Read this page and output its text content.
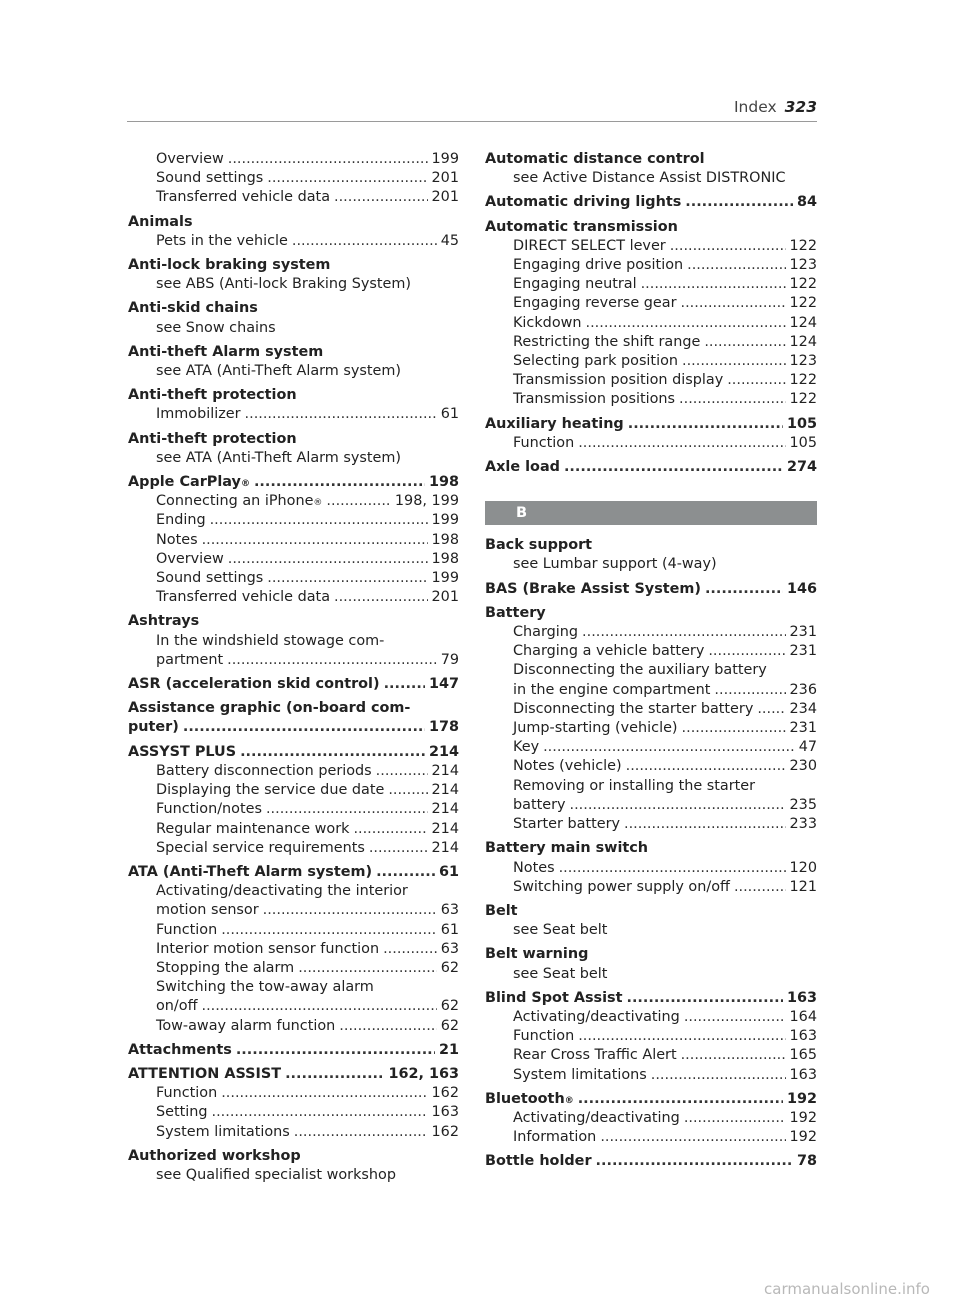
Index 323
Overview .....	199
Sound settings .....	201
Transferred vehicle data .....	201
Animals
Pets in the vehicle .....	45
Anti-lock braking system
see ABS (Anti-lock Braking System)
Anti-skid chains
see Snow chains
Anti-theft Alarm system
see ATA (Anti-Theft Alarm system)
Anti-theft protection
Immobilizer .....	61
Anti-theft protection
see ATA (Anti-Theft Alarm system)
Apple CarPlay ® .....	198
Connecting an iPhone ® .....	198, 199
Ending .....	199
Notes .....	198
Overview .....	198
Sound settings .....	199
Transferred vehicle data .....	201
Ashtrays
In the windshield stowage com-
partment .....	79
ASR (acceleration skid control) .....	147
Assistance graphic (on-board com-
puter) .....	178
ASSYST PLUS .....	214
Battery disconnection periods .....	214
Displaying the service due date .....	214
Function/notes .....	214
Regular maintenance work .....	214
Special service requirements .....	214
ATA (Anti-Theft Alarm system) .....	61
Activating/deactivating the interior
motion sensor .....	63
Function .....	61
Interior motion sensor function .....	63
Stopping the alarm .....	62
Switching the tow-away alarm
on/off .....	62
Tow-away alarm function .....	62
Attachments .....	21
ATTENTION ASSIST .....	162, 163
Function .....	162
Setting .....	163
System limitations .....	162
Authorized workshop
see Qualified specialist workshop
Automatic distance control
see Active Distance Assist DISTRONIC
Automatic driving lights .....	84
Automatic transmission
DIRECT SELECT lever .....	122
Engaging drive position .....	123
Engaging neutral .....	122
Engaging reverse gear .....	122
Kickdown .....	124
Restricting the shift range .....	124
Selecting park position .....	123
Transmission position display .....	122
Transmission positions .....	122
Auxiliary heating .....	105
Function .....	105
Axle load .....	274
B
Back support
see Lumbar support (4-way)
BAS (Brake Assist System) .....	146
Battery
Charging .....	231
Charging a vehicle battery .....	231
Disconnecting the auxiliary battery
in the engine compartment .....	236
Disconnecting the starter battery .....	234
Jump-starting (vehicle) .....	231
Key .....	47
Notes (vehicle) .....	230
Removing or installing the starter
battery .....	235
Starter battery .....	233
Battery main switch
Notes .....	120
Switching power supply on/off .....	121
Belt
see Seat belt
Belt warning
see Seat belt
Blind Spot Assist .....	163
Activating/deactivating .....	164
Function .....	163
Rear Cross Traffic Alert .....	165
System limitations .....	163
Bluetooth ® .....	192
Activating/deactivating .....	192
Information .....	192
Bottle holder .....	78
carmanualsonline.info
